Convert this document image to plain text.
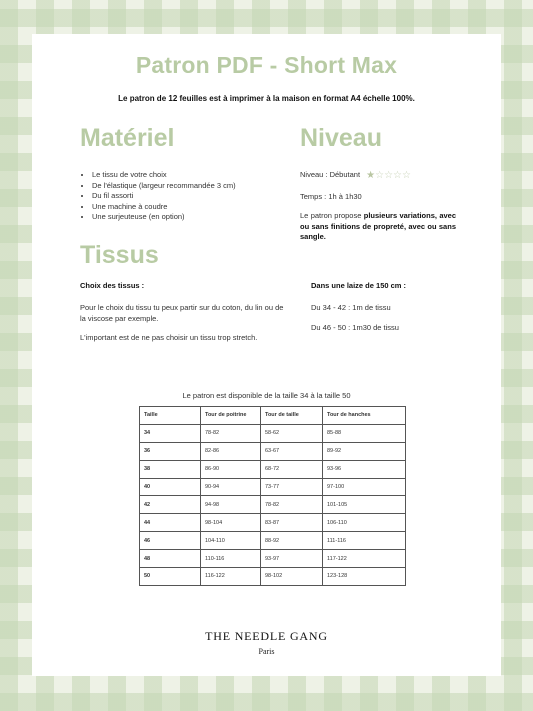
Patron PDF - Short Max
Le patron de 12 feuilles est à imprimer à la maison en format A4 échelle 100%.
Matériel
• Le tissu de votre choix
• De l'élastique (largeur recommandée 3 cm)
• Du fil assorti
• Une machine à coudre
• Une surjeuteuse (en option)
Niveau
Niveau : Débutant ★☆☆☆☆
Temps : 1h à 1h30
Le patron propose plusieurs variations, avec ou sans finitions de propreté, avec ou sans sangle.
Tissus
Choix des tissus :
Pour le choix du tissu tu peux partir sur du coton, du lin ou de la viscose par exemple.
L'important est de ne pas choisir un tissu trop stretch.
Dans une laize de 150 cm :
Du 34 - 42 : 1m de tissu
Du 46 - 50 : 1m30 de tissu
Le patron est disponible de la taille 34 à la taille 50
Taille	Tour de poitrine	Tour de taille	Tour de hanches
34	78-82	58-62	85-88
36	82-86	63-67	89-92
38	86-90	68-72	93-96
40	90-94	73-77	97-100
42	94-98	78-82	101-105
44	98-104	83-87	106-110
46	104-110	88-92	111-116
48	110-116	93-97	117-122
50	116-122	98-102	123-128
THE NEEDLE GANG
Paris
